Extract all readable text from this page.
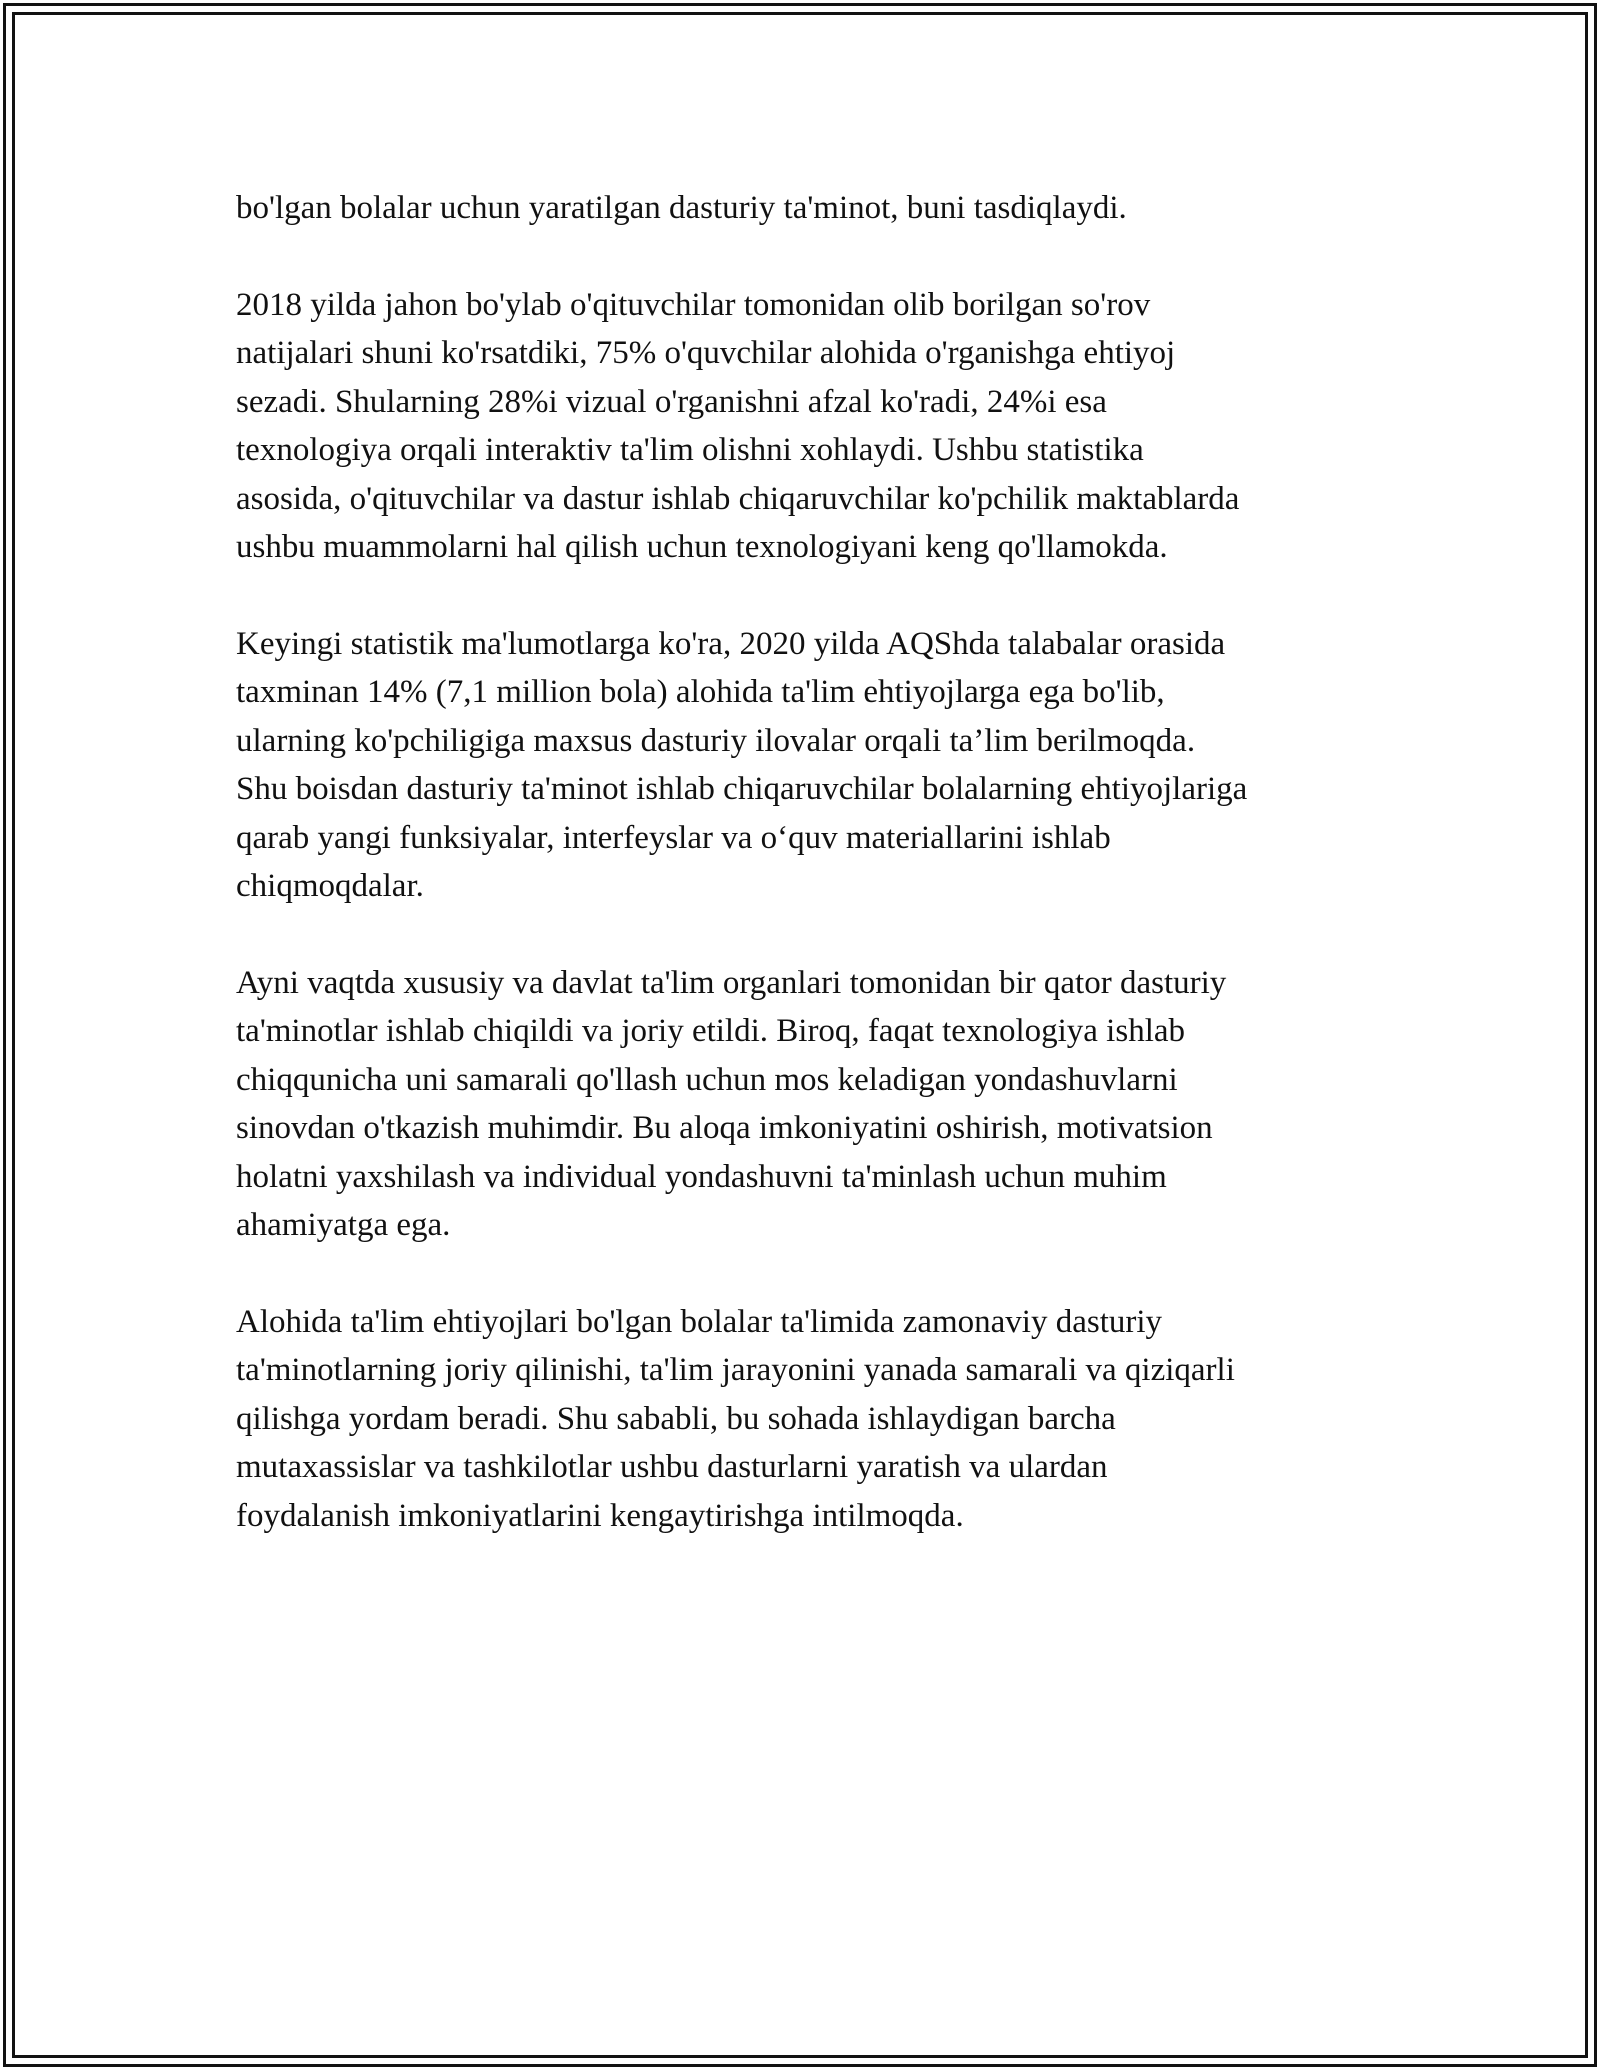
bo'lgan bolalar uchun yaratilgan dasturiy ta'minot, buni tasdiqlaydi.

2018 yilda jahon bo'ylab o'qituvchilar tomonidan olib borilgan so'rov
natijalari shuni ko'rsatdiki, 75% o'quvchilar alohida o'rganishga ehtiyoj
sezadi. Shularning 28%i vizual o'rganishni afzal ko'radi, 24%i esa
texnologiya orqali interaktiv ta'lim olishni xohlaydi. Ushbu statistika
asosida, o'qituvchilar va dastur ishlab chiqaruvchilar ko'pchilik maktablarda
ushbu muammolarni hal qilish uchun texnologiyani keng qo'llamokda.

Keyingi statistik ma'lumotlarga ko'ra, 2020 yilda AQShda talabalar orasida
taxminan 14% (7,1 million bola) alohida ta'lim ehtiyojlarga ega bo'lib,
ularning ko'pchiligiga maxsus dasturiy ilovalar orqali ta’lim berilmoqda.
Shu boisdan dasturiy ta'minot ishlab chiqaruvchilar bolalarning ehtiyojlariga
qarab yangi funksiyalar, interfeyslar va o‘quv materiallarini ishlab
chiqmoqdalar.

Ayni vaqtda xususiy va davlat ta'lim organlari tomonidan bir qator dasturiy
ta'minotlar ishlab chiqildi va joriy etildi. Biroq, faqat texnologiya ishlab
chiqqunicha uni samarali qo'llash uchun mos keladigan yondashuvlarni
sinovdan o'tkazish muhimdir. Bu aloqa imkoniyatini oshirish, motivatsion
holatni yaxshilash va individual yondashuvni ta'minlash uchun muhim
ahamiyatga ega.

Alohida ta'lim ehtiyojlari bo'lgan bolalar ta'limida zamonaviy dasturiy
ta'minotlarning joriy qilinishi, ta'lim jarayonini yanada samarali va qiziqarli
qilishga yordam beradi. Shu sababli, bu sohada ishlaydigan barcha
mutaxassislar va tashkilotlar ushbu dasturlarni yaratish va ulardan
foydalanish imkoniyatlarini kengaytirishga intilmoqda.
